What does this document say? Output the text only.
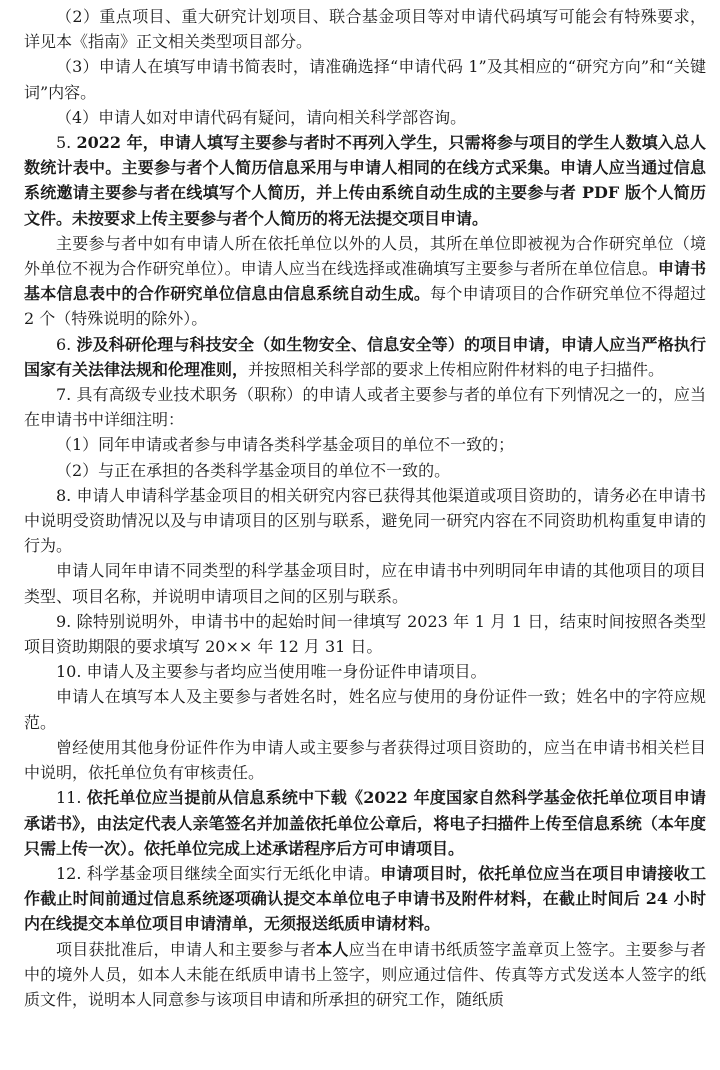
（2）重点项目、重大研究计划项目、联合基金项目等对申请代码填写可能会有特殊要求，详见本《指南》正文相关类型项目部分。

（3）申请人在填写申请书简表时，请准确选择“申请代码 1”及其相应的“研究方向”和“关键词”内容。

（4）申请人如对申请代码有疑问，请向相关科学部咨询。

5. 2022 年，申请人填写主要参与者时不再列入学生，只需将参与项目的学生人数填入总人数统计表中。主要参与者个人简历信息采用与申请人相同的在线方式采集。申请人应当通过信息系统邀请主要参与者在线填写个人简历，并上传由系统自动生成的主要参与者 PDF 版个人简历文件。未按要求上传主要参与者个人简历的将无法提交项目申请。

主要参与者中如有申请人所在依托单位以外的人员，其所在单位即被视为合作研究单位（境外单位不视为合作研究单位）。申请人应当在线选择或准确填写主要参与者所在单位信息。申请书基本信息表中的合作研究单位信息由信息系统自动生成。每个申请项目的合作研究单位不得超过 2 个（特殊说明的除外）。

6. 涉及科研伦理与科技安全（如生物安全、信息安全等）的项目申请，申请人应当严格执行国家有关法律法规和伦理准则，并按照相关科学部的要求上传相应附件材料的电子扫描件。

7. 具有高级专业技术职务（职称）的申请人或者主要参与者的单位有下列情况之一的，应当在申请书中详细注明：

（1）同年申请或者参与申请各类科学基金项目的单位不一致的；

（2）与正在承担的各类科学基金项目的单位不一致的。

8. 申请人申请科学基金项目的相关研究内容已获得其他渠道或项目资助的，请务必在申请书中说明受资助情况以及与申请项目的区别与联系，避免同一研究内容在不同资助机构重复申请的行为。

申请人同年申请不同类型的科学基金项目时，应在申请书中列明同年申请的其他项目的项目类型、项目名称，并说明申请项目之间的区别与联系。

9. 除特别说明外，申请书中的起始时间一律填写 2023 年 1 月 1 日，结束时间按照各类型项目资助期限的要求填写 20×× 年 12 月 31 日。

10. 申请人及主要参与者均应当使用唯一身份证件申请项目。

申请人在填写本人及主要参与者姓名时，姓名应与使用的身份证件一致；姓名中的字符应规范。

曾经使用其他身份证件作为申请人或主要参与者获得过项目资助的，应当在申请书相关栏目中说明，依托单位负有审核责任。

11. 依托单位应当提前从信息系统中下载《2022 年度国家自然科学基金依托单位项目申请承诺书》，由法定代表人亲笔签名并加盖依托单位公章后，将电子扫描件上传至信息系统（本年度只需上传一次）。依托单位完成上述承诺程序后方可申请项目。

12. 科学基金项目继续全面实行无纸化申请。申请项目时，依托单位应当在项目申请接收工作截止时间前通过信息系统逐项确认提交本单位电子申请书及附件材料，在截止时间后 24 小时内在线提交本单位项目申请清单，无须报送纸质申请材料。

项目获批准后，申请人和主要参与者本人应当在申请书纸质签字盖章页上签字。主要参与者中的境外人员，如本人未能在纸质申请书上签字，则应通过信件、传真等方式发送本人签字的纸质文件，说明本人同意参与该项目申请和所承担的研究工作，随纸质
